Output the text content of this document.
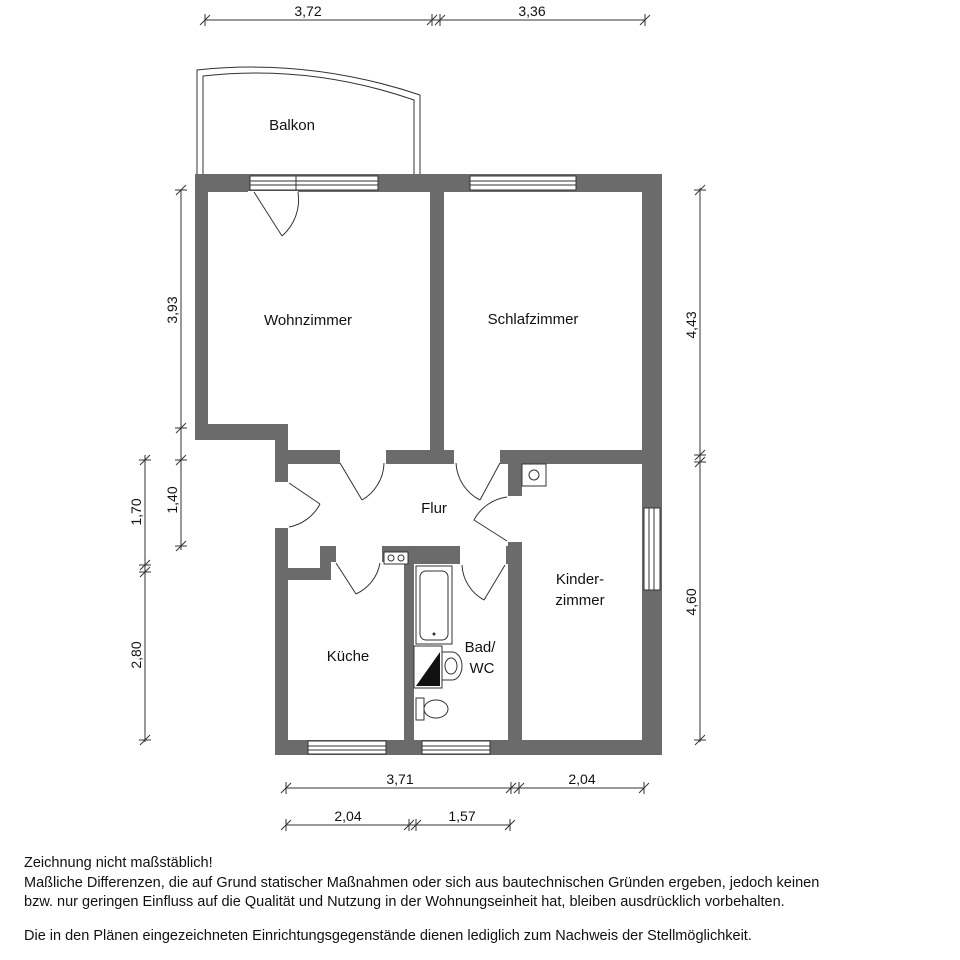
Balkon
Wohnzimmer	Schlafzimmer
Flur
Kinder-
zimmer
Küche
Bad/
WC
3,72	3,36
3,93
1,40
1,70
2,80
4,43
4,60
3,71	2,04
2,04	1,57

Zeichnung nicht maßstäblich!

Maßliche Differenzen, die auf Grund statischer Maßnahmen oder sich aus bautechnischen Gründen ergeben, jedoch keinen

bzw. nur geringen Einfluss auf die Qualität und Nutzung in der Wohnungseinheit hat, bleiben ausdrücklich vorbehalten.

Die in den Plänen eingezeichneten Einrichtungsgegenstände dienen lediglich zum Nachweis der Stellmöglichkeit.
